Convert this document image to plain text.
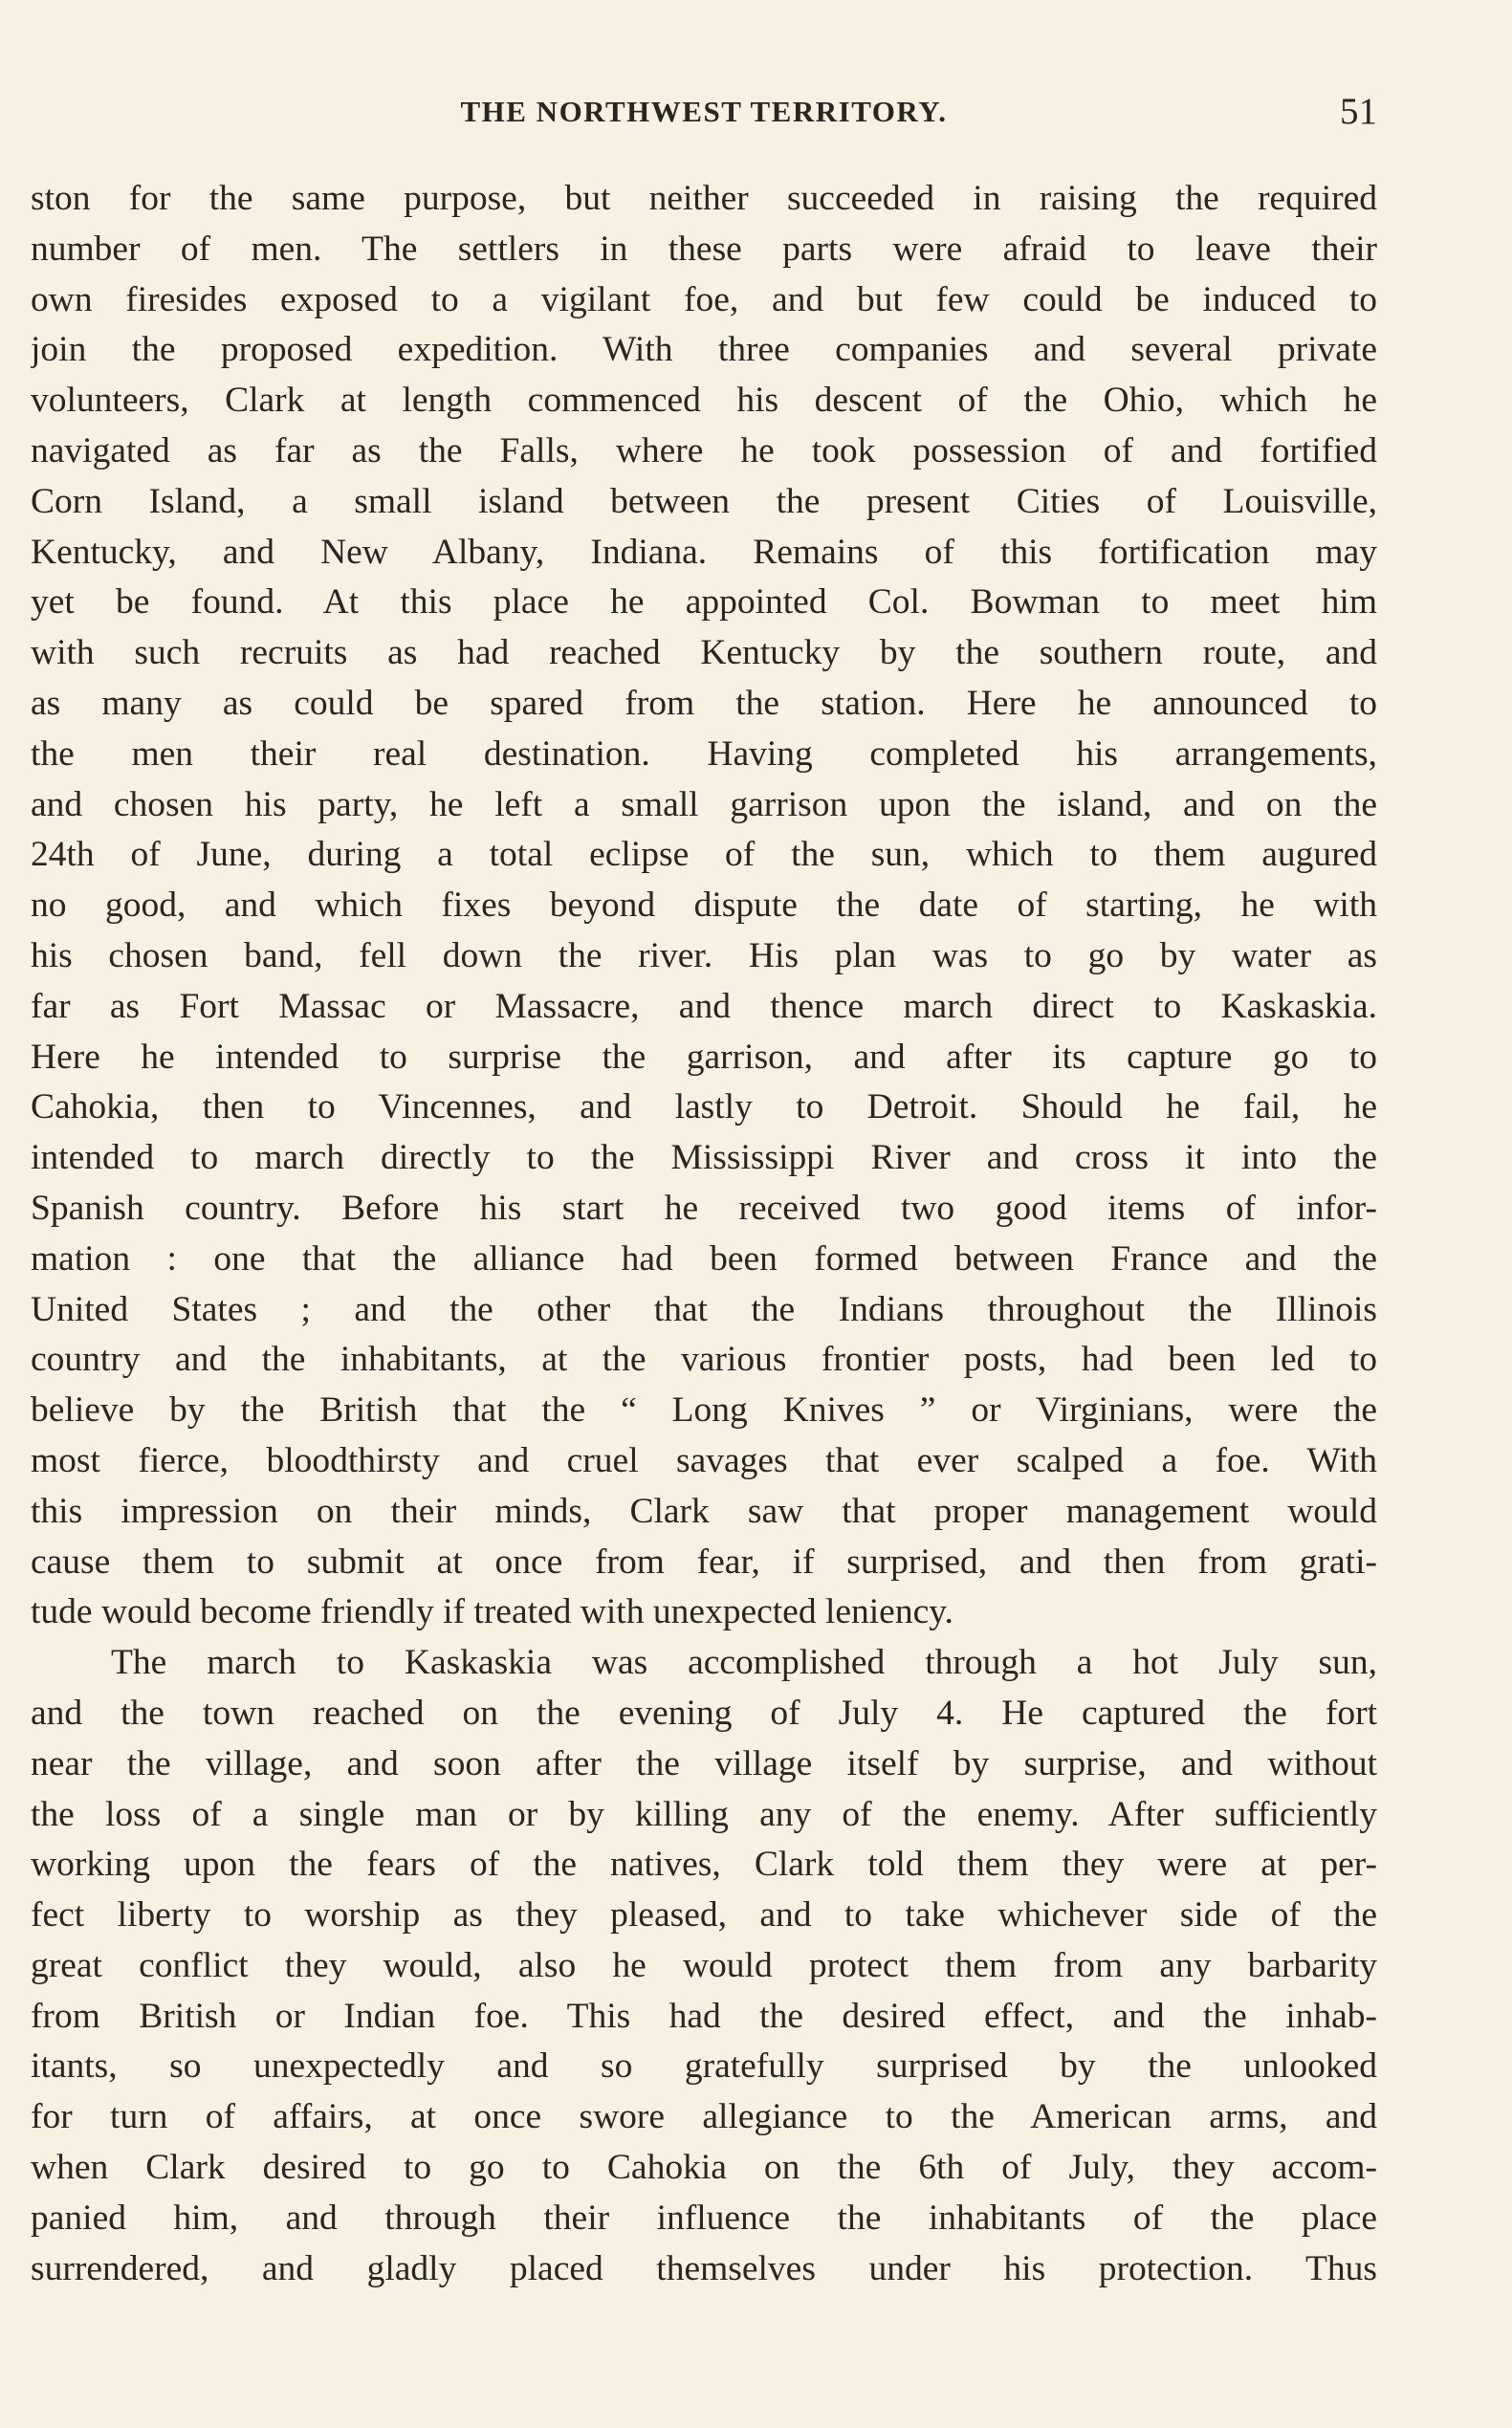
THE NORTHWEST TERRITORY.	51
ston for the same purpose, but neither succeeded in raising the required
number of men. The settlers in these parts were afraid to leave their
own firesides exposed to a vigilant foe, and but few could be induced to
join the proposed expedition. With three companies and several private
volunteers, Clark at length commenced his descent of the Ohio, which he
navigated as far as the Falls, where he took possession of and fortified
Corn Island, a small island between the present Cities of Louisville,
Kentucky, and New Albany, Indiana. Remains of this fortification may
yet be found. At this place he appointed Col. Bowman to meet him
with such recruits as had reached Kentucky by the southern route, and
as many as could be spared from the station. Here he announced to
the men their real destination. Having completed his arrangements,
and chosen his party, he left a small garrison upon the island, and on the
24th of June, during a total eclipse of the sun, which to them augured
no good, and which fixes beyond dispute the date of starting, he with
his chosen band, fell down the river. His plan was to go by water as
far as Fort Massac or Massacre, and thence march direct to Kaskaskia.
Here he intended to surprise the garrison, and after its capture go to
Cahokia, then to Vincennes, and lastly to Detroit. Should he fail, he
intended to march directly to the Mississippi River and cross it into the
Spanish country. Before his start he received two good items of infor-
mation : one that the alliance had been formed between France and the
United States ; and the other that the Indians throughout the Illinois
country and the inhabitants, at the various frontier posts, had been led to
believe by the British that the “ Long Knives ” or Virginians, were the
most fierce, bloodthirsty and cruel savages that ever scalped a foe. With
this impression on their minds, Clark saw that proper management would
cause them to submit at once from fear, if surprised, and then from grati-
tude would become friendly if treated with unexpected leniency.
The march to Kaskaskia was accomplished through a hot July sun,
and the town reached on the evening of July 4. He captured the fort
near the village, and soon after the village itself by surprise, and without
the loss of a single man or by killing any of the enemy. After sufficiently
working upon the fears of the natives, Clark told them they were at per-
fect liberty to worship as they pleased, and to take whichever side of the
great conflict they would, also he would protect them from any barbarity
from British or Indian foe. This had the desired effect, and the inhab-
itants, so unexpectedly and so gratefully surprised by the unlooked
for turn of affairs, at once swore allegiance to the American arms, and
when Clark desired to go to Cahokia on the 6th of July, they accom-
panied him, and through their influence the inhabitants of the place
surrendered, and gladly placed themselves under his protection. Thus
